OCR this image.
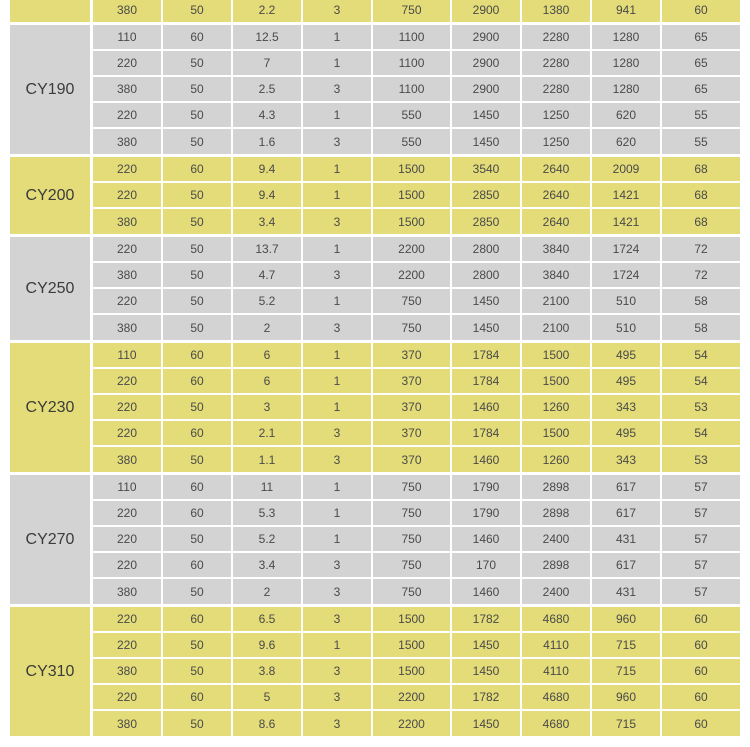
380	50	2.2	3	750	2900	1380	941	60
CY190
110	60	12.5	1	1100	2900	2280	1280	65
220	50	7	1	1100	2900	2280	1280	65
380	50	2.5	3	1100	2900	2280	1280	65
220	50	4.3	1	550	1450	1250	620	55
380	50	1.6	3	550	1450	1250	620	55
CY200
220	60	9.4	1	1500	3540	2640	2009	68
220	50	9.4	1	1500	2850	2640	1421	68
380	50	3.4	3	1500	2850	2640	1421	68
CY250
220	50	13.7	1	2200	2800	3840	1724	72
380	50	4.7	3	2200	2800	3840	1724	72
220	50	5.2	1	750	1450	2100	510	58
380	50	2	3	750	1450	2100	510	58
CY230
110	60	6	1	370	1784	1500	495	54
220	60	6	1	370	1784	1500	495	54
220	50	3	1	370	1460	1260	343	53
220	60	2.1	3	370	1784	1500	495	54
380	50	1.1	3	370	1460	1260	343	53
CY270
110	60	11	1	750	1790	2898	617	57
220	60	5.3	1	750	1790	2898	617	57
220	50	5.2	1	750	1460	2400	431	57
220	60	3.4	3	750	170	2898	617	57
380	50	2	3	750	1460	2400	431	57
CY310
220	60	6.5	3	1500	1782	4680	960	60
220	50	9.6	1	1500	1450	4110	715	60
380	50	3.8	3	1500	1450	4110	715	60
220	60	5	3	2200	1782	4680	960	60
380	50	8.6	3	2200	1450	4680	715	60
